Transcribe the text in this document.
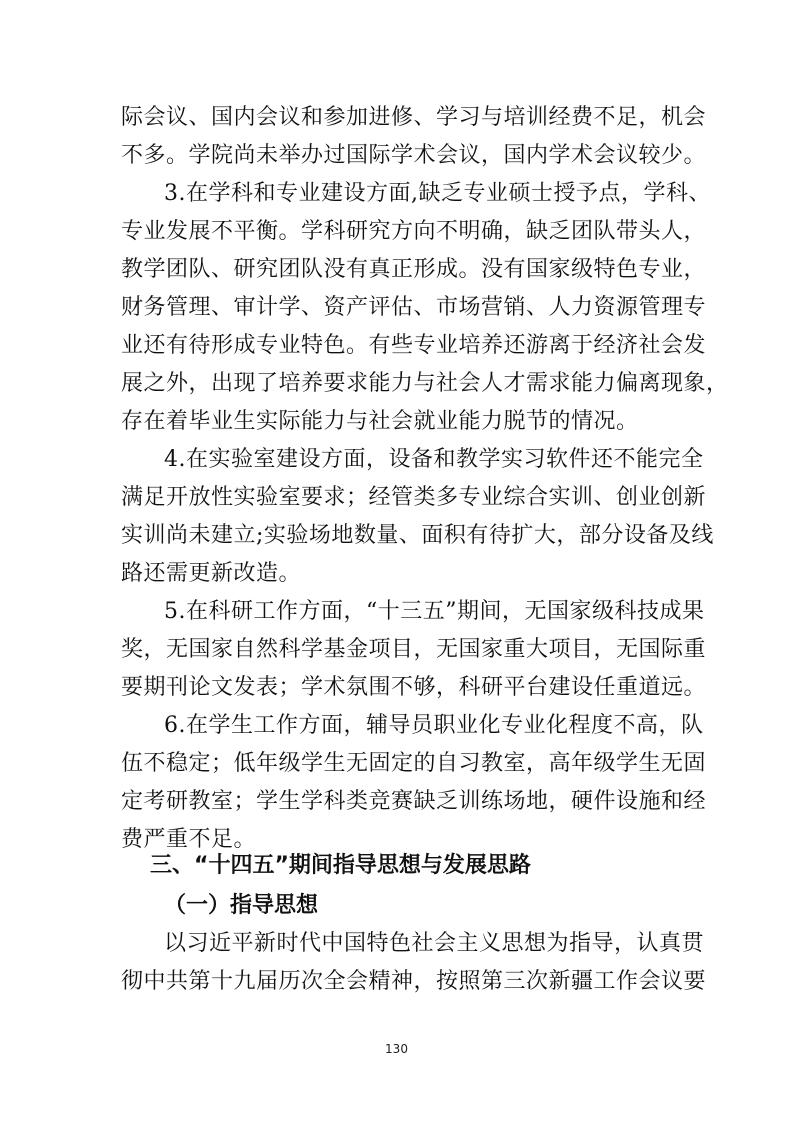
际会议、国内会议和参加进修、学习与培训经费不足，机会
不多。学院尚未举办过国际学术会议，国内学术会议较少。
3.在学科和专业建设方面,缺乏专业硕士授予点，学科、
专业发展不平衡。学科研究方向不明确，缺乏团队带头人，
教学团队、研究团队没有真正形成。没有国家级特色专业，
财务管理、审计学、资产评估、市场营销、人力资源管理专
业还有待形成专业特色。有些专业培养还游离于经济社会发
展之外，出现了培养要求能力与社会人才需求能力偏离现象，
存在着毕业生实际能力与社会就业能力脱节的情况。
4.在实验室建设方面，设备和教学实习软件还不能完全
满足开放性实验室要求；经管类多专业综合实训、创业创新
实训尚未建立;实验场地数量、面积有待扩大，部分设备及线
路还需更新改造。
5.在科研工作方面，“十三五”期间，无国家级科技成果
奖，无国家自然科学基金项目，无国家重大项目，无国际重
要期刊论文发表；学术氛围不够，科研平台建设任重道远。
6.在学生工作方面，辅导员职业化专业化程度不高，队
伍不稳定；低年级学生无固定的自习教室，高年级学生无固
定考研教室；学生学科类竞赛缺乏训练场地，硬件设施和经
费严重不足。
三、“十四五”期间指导思想与发展思路
（一）指导思想
以习近平新时代中国特色社会主义思想为指导，认真贯
彻中共第十九届历次全会精神，按照第三次新疆工作会议要
130
